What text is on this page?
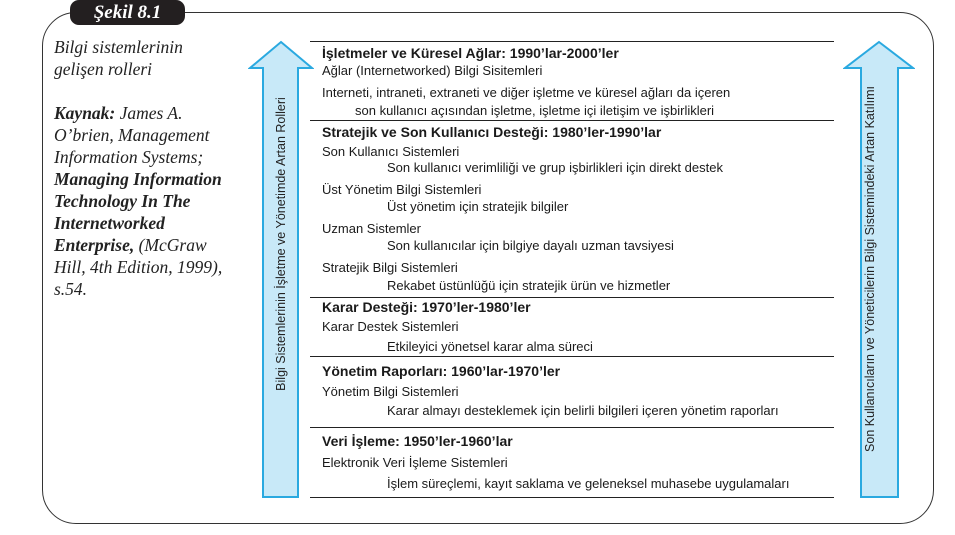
Şekil 8.1

Bilgi sistemlerinin gelişen rolleri

Kaynak: James A. O’brien, Management Information Systems; Managing Information Technology In The Internetworked Enterprise, (McGraw Hill, 4th Edition, 1999), s.54.	Bilgi Sistemlerinin İşletme ve Yönetimde Artan Rolleri	Son Kullanıcıların ve Yöneticilerin Bilgi Sistemindeki Artan Katılımı
İşletmeler ve Küresel Ağlar: 1990’lar-2000’ler
Ağlar (Internetworked) Bilgi Sisitemleri
Interneti, intraneti, extraneti ve diğer işletme ve küresel ağları da içeren
son kullanıcı açısından işletme, işletme içi iletişim ve işbirlikleri
Stratejik ve Son Kullanıcı Desteği: 1980’ler-1990’lar
Son Kullanıcı Sistemleri
Son kullanıcı verimliliği ve grup işbirlikleri için direkt destek
Üst Yönetim Bilgi Sistemleri
Üst yönetim için stratejik bilgiler
Uzman Sistemler
Son kullanıcılar için bilgiye dayalı uzman tavsiyesi
Stratejik Bilgi Sistemleri
Rekabet üstünlüğü için stratejik ürün ve hizmetler
Karar Desteği: 1970’ler-1980’ler
Karar Destek Sistemleri
Etkileyici yönetsel karar alma süreci
Yönetim Raporları: 1960’lar-1970’ler
Yönetim Bilgi Sistemleri
Karar almayı desteklemek için belirli bilgileri içeren yönetim raporları
Veri İşleme: 1950’ler-1960’lar
Elektronik Veri İşleme Sistemleri
İşlem süreçlemi, kayıt saklama ve geleneksel muhasebe uygulamaları
